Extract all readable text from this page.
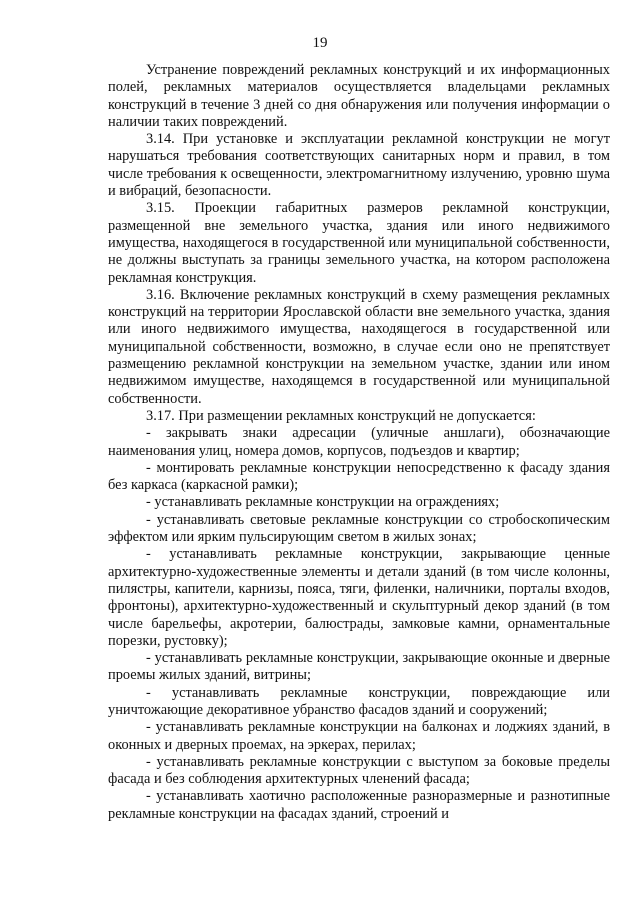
19

Устранение повреждений рекламных конструкций и их информационных полей, рекламных материалов осуществляется владельцами рекламных конструкций в течение 3 дней со дня обнаружения или получения информации о наличии таких повреждений.

3.14. При установке и эксплуатации рекламной конструкции не могут нарушаться требования соответствующих санитарных норм и правил, в том числе требования к освещенности, электромагнитному излучению, уровню шума и вибраций, безопасности.

3.15. Проекции габаритных размеров рекламной конструкции, размещенной вне земельного участка, здания или иного недвижимого имущества, находящегося в государственной или муниципальной собственности, не должны выступать за границы земельного участка, на котором расположена рекламная конструкция.

3.16. Включение рекламных конструкций в схему размещения рекламных конструкций на территории Ярославской области вне земельного участка, здания или иного недвижимого имущества, находящегося в государственной или муниципальной собственности, возможно, в случае если оно не препятствует размещению рекламной конструкции на земельном участке, здании или ином недвижимом имуществе, находящемся в государственной или муниципальной собственности.

3.17. При размещении рекламных конструкций не допускается:

- закрывать знаки адресации (уличные аншлаги), обозначающие наименования улиц, номера домов, корпусов, подъездов и квартир;

- монтировать рекламные конструкции непосредственно к фасаду здания без каркаса (каркасной рамки);

- устанавливать рекламные конструкции на ограждениях;

- устанавливать световые рекламные конструкции со стробоскопическим эффектом или ярким пульсирующим светом в жилых зонах;

- устанавливать рекламные конструкции, закрывающие ценные архитектурно-художественные элементы и детали зданий (в том числе колонны, пилястры, капители, карнизы, пояса, тяги, филенки, наличники, порталы входов, фронтоны), архитектурно-художественный и скульптурный декор зданий (в том числе барельефы, акротерии, балюстрады, замковые камни, орнаментальные порезки, рустовку);

- устанавливать рекламные конструкции, закрывающие оконные и дверные проемы жилых зданий, витрины;

- устанавливать рекламные конструкции, повреждающие или уничтожающие декоративное убранство фасадов зданий и сооружений;

- устанавливать рекламные конструкции на балконах и лоджиях зданий, в оконных и дверных проемах, на эркерах, перилах;

- устанавливать рекламные конструкции с выступом за боковые пределы фасада и без соблюдения архитектурных членений фасада;

- устанавливать хаотично расположенные разноразмерные и разнотипные рекламные конструкции на фасадах зданий, строений и
